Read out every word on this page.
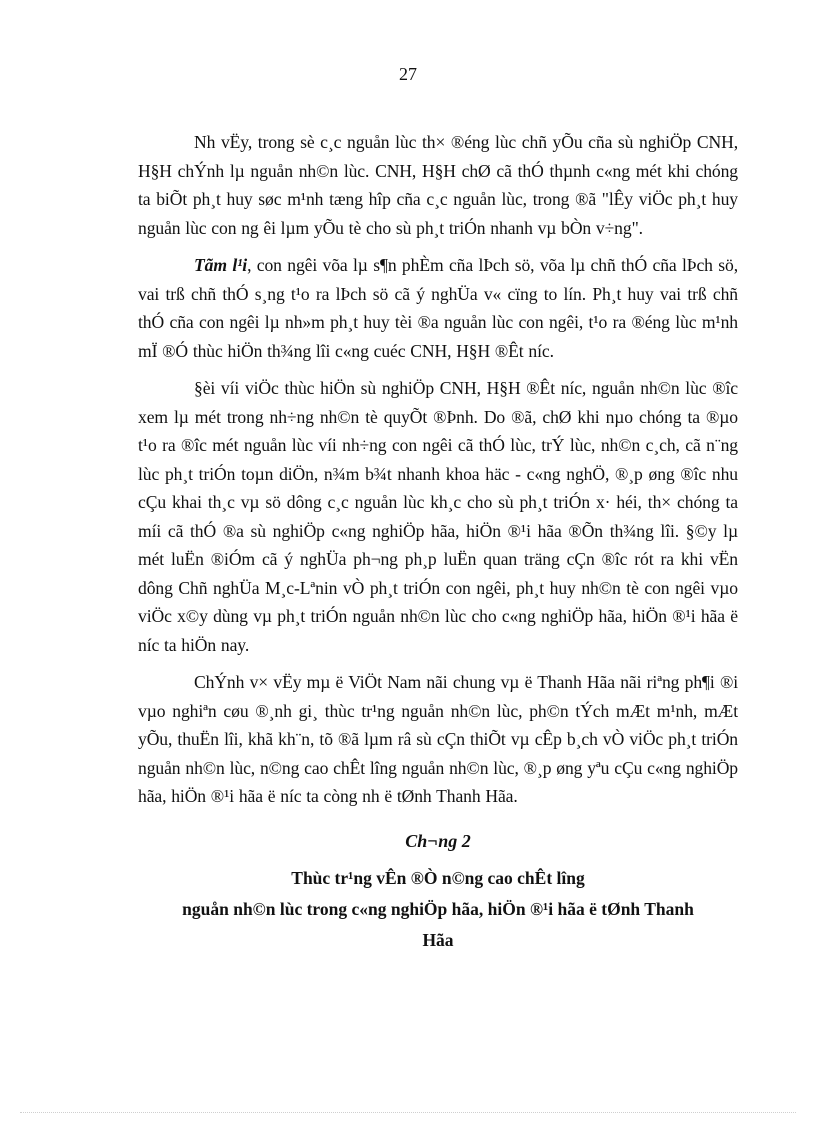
27

Nh vËy, trong sè c¸c nguån lùc th× ®éng lùc chñ yÕu cña sù nghiÖp CNH, H§H chÝnh lµ nguån nh©n lùc. CNH, H§H chØ cã thÓ thµnh c«ng mét khi chóng ta biÕt ph¸t huy søc m¹nh tæng hîp cña c¸c nguån lùc, trong ®ã "lÊy viÖc ph¸t huy nguån lùc con ng êi lµm yÕu tè cho sù ph¸t triÓn nhanh vµ bÒn v÷ng".

Tãm l¹i, con ngêi võa lµ s¶n phÈm cña lÞch sö, võa lµ chñ thÓ cña lÞch sö, vai trß chñ thÓ s¸ng t¹o ra lÞch sö cã ý nghÜa v« cïng to lín. Ph¸t huy vai trß chñ thÓ cña con ngêi lµ nh»m ph¸t huy tèi ®a nguån lùc con ngêi, t¹o ra ®éng lùc m¹nh mÏ ®Ó thùc hiÖn th¾ng lîi c«ng cuéc CNH, H§H ®Êt níc.

§èi víi viÖc thùc hiÖn sù nghiÖp CNH, H§H ®Êt níc, nguån nh©n lùc ®îc xem lµ mét trong nh÷ng nh©n tè quyÕt ®Þnh. Do ®ã, chØ khi nµo chóng ta ®µo t¹o ra ®îc mét nguån lùc víi nh÷ng con ngêi cã thÓ lùc, trÝ lùc, nh©n c¸ch, cã n¨ng lùc ph¸t triÓn toµn diÖn, n¾m b¾t nhanh khoa häc - c«ng nghÖ, ®¸p øng ®îc nhu cÇu khai th¸c vµ sö dông c¸c nguån lùc kh¸c cho sù ph¸t triÓn x· héi, th× chóng ta míi cã thÓ ®a sù nghiÖp c«ng nghiÖp hãa, hiÖn ®¹i hãa ®Õn th¾ng lîi. §©y lµ mét luËn ®iÓm cã ý nghÜa ph¬ng ph¸p luËn quan träng cÇn ®îc rót ra khi vËn dông Chñ nghÜa M¸c-Lªnin vÒ ph¸t triÓn con ngêi, ph¸t huy nh©n tè con ngêi vµo viÖc x©y dùng vµ ph¸t triÓn nguån nh©n lùc cho c«ng nghiÖp hãa, hiÖn ®¹i hãa ë níc ta hiÖn nay.

ChÝnh v× vËy mµ ë ViÖt Nam nãi chung vµ ë Thanh Hãa nãi riªng ph¶i ®i vµo nghiªn cøu ®¸nh gi¸ thùc tr¹ng nguån nh©n lùc, ph©n tÝch mÆt m¹nh, mÆt yÕu, thuËn lîi, khã kh¨n, tõ ®ã lµm râ sù cÇn thiÕt vµ cÊp b¸ch vÒ viÖc ph¸t triÓn nguån nh©n lùc, n©ng cao chÊt lîng nguån nh©n lùc, ®¸p øng yªu cÇu c«ng nghiÖp hãa, hiÖn ®¹i hãa ë níc ta còng nh ë tØnh Thanh Hãa.

Ch¬ng 2
Thùc tr¹ng vÊn ®Ò n©ng cao chÊt lîng
nguån nh©n lùc trong c«ng nghiÖp hãa, hiÖn ®¹i hãa ë tØnh Thanh
Hãa
